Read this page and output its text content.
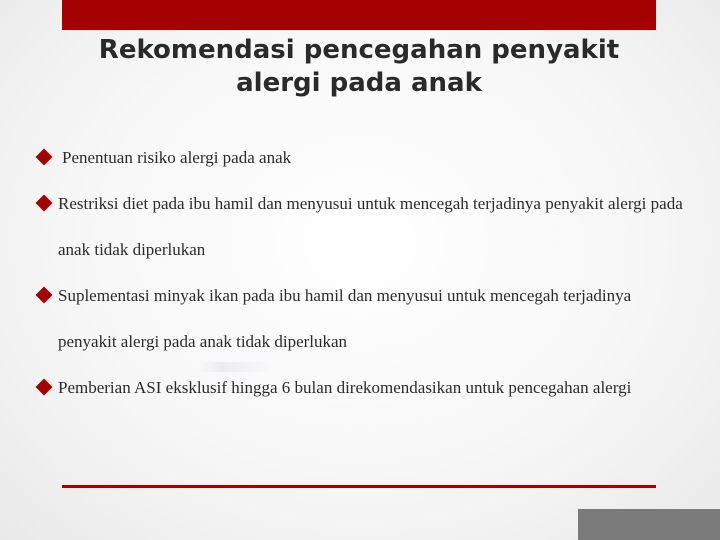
Rekomendasi pencegahan penyakit
alergi pada anak
Penentuan risiko alergi pada anak
Restriksi diet pada ibu hamil dan menyusui untuk mencegah terjadinya penyakit alergi pada anak tidak diperlukan
Suplementasi minyak ikan pada ibu hamil dan menyusui untuk mencegah terjadinya penyakit alergi pada anak tidak diperlukan
Pemberian ASI eksklusif hingga 6 bulan direkomendasikan untuk pencegahan alergi
